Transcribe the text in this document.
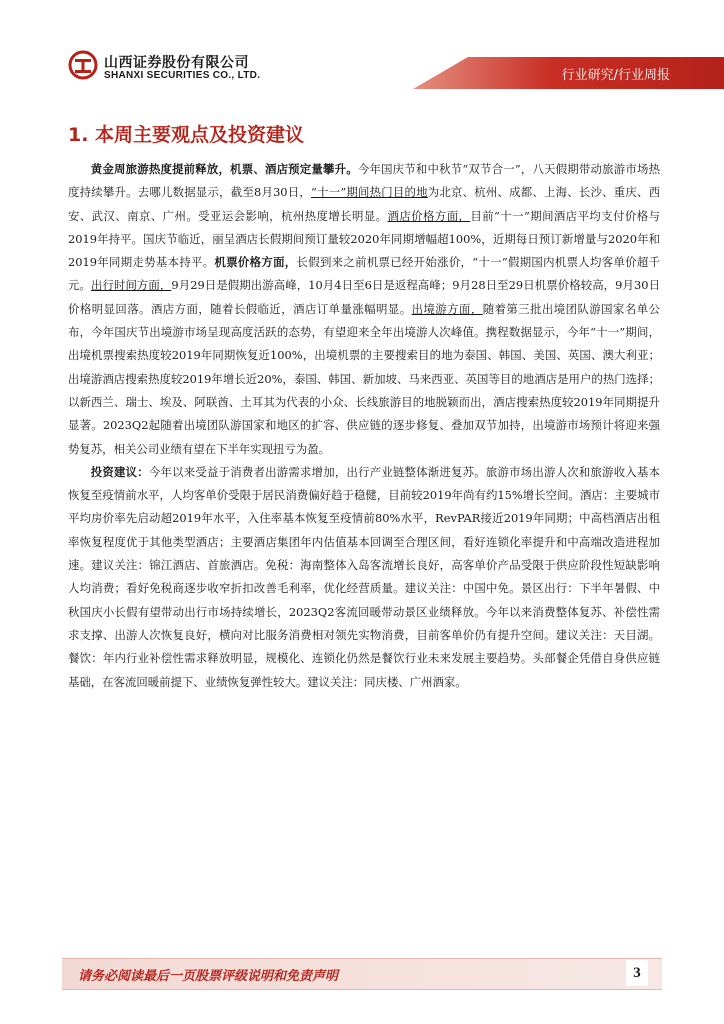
山西证券股份有限公司
SHANXI SECURITIES CO., LTD.	行业研究/行业周报
1. 本周主要观点及投资建议

黄金周旅游热度提前释放，机票、酒店预定量攀升。今年国庆节和中秋节“双节合一”，八天假期带动旅游市场热度持续攀升。去哪儿数据显示，截至8月30日，“十一”期间热门目的地为北京、杭州、成都、上海、长沙、重庆、西安、武汉、南京、广州。受亚运会影响，杭州热度增长明显。酒店价格方面，目前“十一”期间酒店平均支付价格与2019年持平。国庆节临近，丽呈酒店长假期间预订量较2020年同期增幅超100%，近期每日预订新增量与2020年和2019年同期走势基本持平。机票价格方面，长假到来之前机票已经开始涨价，“十一”假期国内机票人均客单价超千元。出行时间方面，9月29日是假期出游高峰，10月4日至6日是返程高峰；9月28日至29日机票价格较高，9月30日价格明显回落。酒店方面，随着长假临近，酒店订单量涨幅明显。出境游方面，随着第三批出境团队游国家名单公布，今年国庆节出境游市场呈现高度活跃的态势，有望迎来全年出境游人次峰值。携程数据显示，今年“十一”期间，出境机票搜索热度较2019年同期恢复近100%，出境机票的主要搜索目的地为泰国、韩国、美国、英国、澳大利亚；出境游酒店搜索热度较2019年增长近20%，泰国、韩国、新加坡、马来西亚、英国等目的地酒店是用户的热门选择；以新西兰、瑞士、埃及、阿联酋、土耳其为代表的小众、长线旅游目的地脱颖而出，酒店搜索热度较2019年同期提升显著。2023Q2起随着出境团队游国家和地区的扩容、供应链的逐步修复、叠加双节加持，出境游市场预计将迎来强势复苏，相关公司业绩有望在下半年实现扭亏为盈。

投资建议：今年以来受益于消费者出游需求增加，出行产业链整体渐进复苏。旅游市场出游人次和旅游收入基本恢复至疫情前水平，人均客单价受限于居民消费偏好趋于稳健，目前较2019年尚有约15%增长空间。酒店：主要城市平均房价率先启动超2019年水平，入住率基本恢复至疫情前80%水平，RevPAR接近2019年同期；中高档酒店出租率恢复程度优于其他类型酒店；主要酒店集团年内估值基本回调至合理区间，看好连锁化率提升和中高端改造进程加速。建议关注：锦江酒店、首旅酒店。免税：海南整体入岛客流增长良好，高客单价产品受限于供应阶段性短缺影响人均消费；看好免税商逐步收窄折扣改善毛利率，优化经营质量。建议关注：中国中免。景区出行：下半年暑假、中秋国庆小长假有望带动出行市场持续增长，2023Q2客流回暖带动景区业绩释放。今年以来消费整体复苏、补偿性需求支撑、出游人次恢复良好，横向对比服务消费相对领先实物消费，目前客单价仍有提升空间。建议关注：天目湖。餐饮：年内行业补偿性需求释放明显，规模化、连锁化仍然是餐饮行业未来发展主要趋势。头部餐企凭借自身供应链基础，在客流回暖前提下、业绩恢复弹性较大。建议关注：同庆楼、广州酒家。

请务必阅读最后一页股票评级说明和免责声明	3
